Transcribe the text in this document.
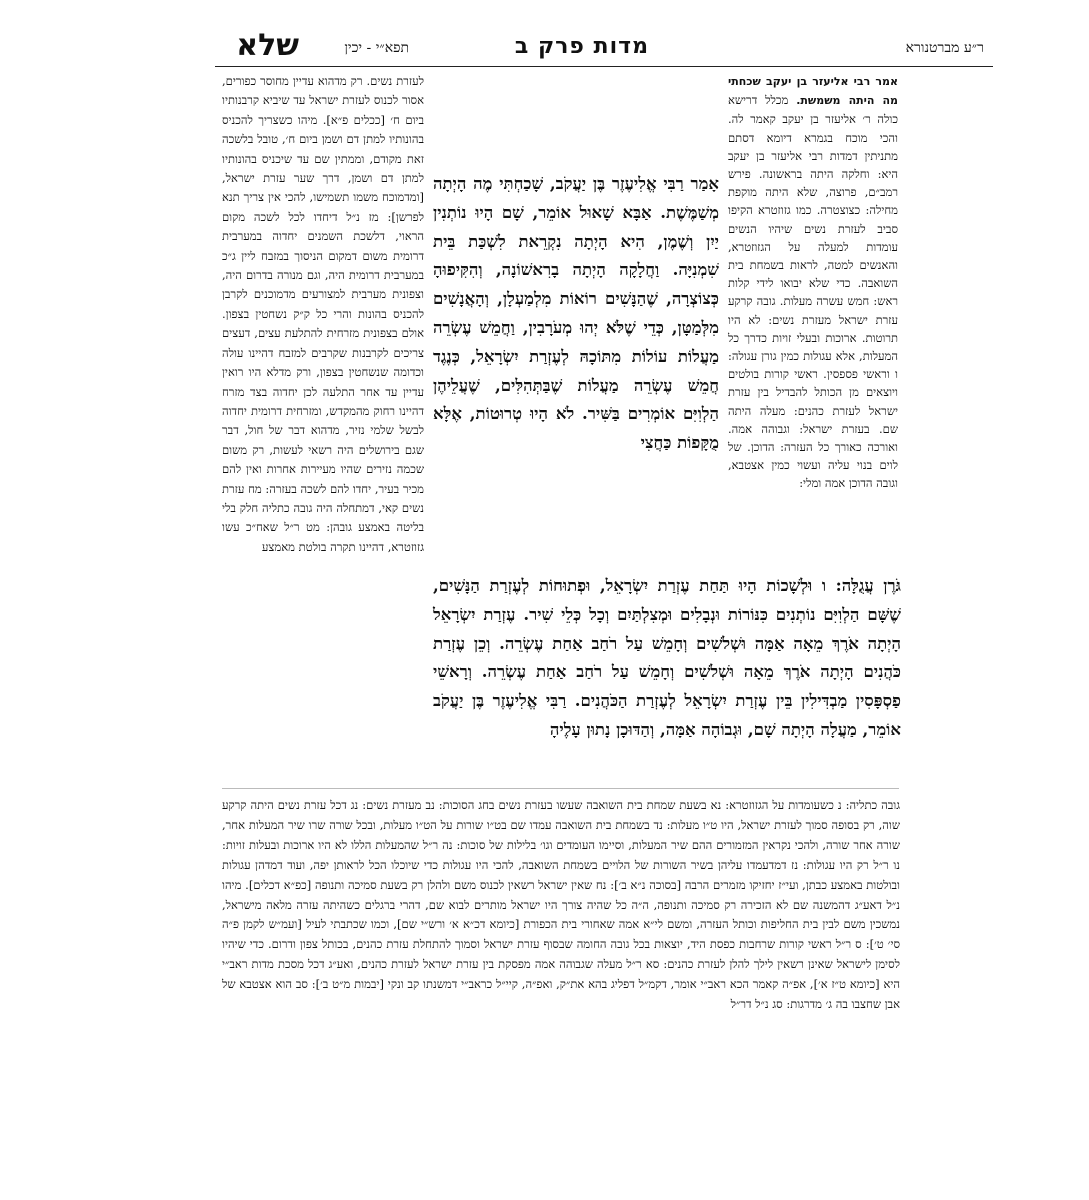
שלא	תפא״י - יכין	מדות פרק ב	ר״ע מברטנורא
אמר רבי אליעזר בן יעקב שכחתי מה היתה משמשת. מכלל דרישא כולה ר׳ אליעזר בן יעקב קאמר לה. והכי מוכח בגמרא דיומא דסתם מתניתין דמדות רבי אליעזר בן יעקב היא: וחלקה היתה בראשונה. פירש רמב״ם, פרוצה, שלא היתה מוקפת מחילה: כצוצטרה. כמו גזוזטרא הקיפו סביב לעזרת נשים שיהיו הנשים עומדות למעלה על הגזוזטרא, והאנשים למטה, לראות בשמחת בית השואבה. כדי שלא יבואו לידי קלות ראש: חמש עשרה מעלות. גובה קרקע עזרת ישראל מעזרת נשים: לא היו תרוטות. ארוכות ובעלי זויות כדרך כל המעלות, אלא עגולות כמין גורן עגולה: ו וראשי פספסין. ראשי קורות בולטים ויוצאים מן הכותל להבדיל בין עזרת ישראל לעזרת כהנים: מעלה היתה שם. בעזרת ישראל: וגבוהה אמה. ואורכה כאורך כל העזרה: הדוכן. של לוים בנוי עליה ועשוי כמין אצטבא, וגובה הדוכן אמה ומלי:
אָמַר רַבִּי אֱלִיעֶזֶר בֶּן יַעֲקֹב, שָׁכַחְתִּי מֶה הָיְתָה מְשַׁמֶּשֶׁת. אַבָּא שָׁאוּל אוֹמֵר, שָׁם הָיוּ נוֹתְנִין יַיִן וְשֶׁמֶן, הִיא הָיְתָה נִקְרֵאת לִשְׁכַּת בֵּית שִׁמְנִיָּה. וַחֲלָקָה הָיְתָה בָרִאשׁוֹנָה, וְהִקִּיפוּהָ כְּצוֹצְרָה, שֶׁהַנָּשִׁים רוֹאוֹת מִלְמַעְלָן, וְהָאֲנָשִׁים מִלְּמַטָּן, כְּדֵי שֶׁלֹּא יְהוּ מְעֹרָבִין, וַחֲמֵשׁ עֶשְׂרֵה מַעֲלוֹת עוֹלוֹת מִתּוֹכָהּ לְעֶזְרַת יִשְׂרָאֵל, כְּנֶגֶד חֲמֵשׁ עֶשְׂרֵה מַעֲלוֹת שֶׁבַּתְּהִלִּים, שֶׁעֲלֵיהֶן הַלְוִיִּם אוֹמְרִים בַּשִּׁיר. לֹא הָיוּ טְרוּטוֹת, אֶלָּא מֻקָּפוֹת כַּחֲצִי
לעזרת נשים. רק מדהוא עדיין מחוסר כפורים, אסור לכנוס לעזרת ישראל עד שיביא קרבנותיו ביום ח׳ [ככלים פ״א]. מיהו כשצריך להכניס בהונותיו למתן דם ושמן ביום ח׳, טובל בלשכה זאת מקודם, וממתין שם עד שיכניס בהונותיו למתן דם ושמן, דרך שער עזרת ישראל, [ומדמוכח משמו תשמישו, להכי אין צריך תנא לפרשן]: מז נ״ל דיחדו לכל לשכה מקום הראוי, דלשכת השמנים יחדוה במערבית דרומית משום דמקום הניסוך במזבח ליין ג״כ במערבית דרומית היה, וגם מנורה בדרום היה, וצפונית מערבית למצורעים מדמוכנים לקרבן להכניס בהונות והרי כל ק״ק נשחטין בצפון. אולם בצפונית מזרחית להתלעת עצים, דעצים צריכים לקרבנות שקרבים למזבח דהיינו עולה וכדומה שנשחטין בצפון, ורק מדלא היו רואין עדיין עד אחר התלעה לכן יחדוה בצד מזרח דהיינו רחוק מהמקדש, ומזרחית דרומית יחדוה לבשל שלמי נזיר, מדהוא דבר של חול, דבר שגם בירושלים היה רשאי לעשות, רק משום שכמה נזירים שהיו מעיירות אחרות ואין להם מכיר בעיר, יחדו להם לשכה בעזרה: מח עזרת נשים קאי, דמתחלה היה גובה כתליה חלק בלי בליטה באמצע גובהן: מט ר״ל שאח״כ עשו גזוזטרא, דהיינו תקרה בולטת מאמצע
גֹּרֶן עֲגֻלָּה: ו וּלְשָׁכוֹת הָיוּ תַּחַת עֶזְרַת יִשְׂרָאֵל, וּפְתוּחוֹת לְעֶזְרַת הַנָּשִׁים, שֶׁשָּׁם הַלְוִיִּם נוֹתְנִים כִּנּוֹרוֹת וּנְבָלִים וּמְצִלְתַּיִם וְכָל כְּלֵי שִׁיר. עֶזְרַת יִשְׂרָאֵל הָיְתָה אֹרֶךְ מֵאָה אַמָּה וּשְׁלֹשִׁים וְחָמֵשׁ עַל רֹחַב אַחַת עֶשְׂרֵה. וְכֵן עֶזְרַת כֹּהֲנִים הָיְתָה אֹרֶךְ מֵאָה וּשְׁלֹשִׁים וְחָמֵשׁ עַל רֹחַב אַחַת עֶשְׂרֵה. וְרָאשֵׁי פַסְפָּסִין מַבְדִּילִין בֵּין עֶזְרַת יִשְׂרָאֵל לְעֶזְרַת הַכֹּהֲנִים. רַבִּי אֱלִיעֶזֶר בֶּן יַעֲקֹב אוֹמֵר, מַעֲלָה הָיְתָה שָׁם, וּגְבוֹהָה אַמָּה, וְהַדּוּכָן נָתוּן עָלֶיהָ
גובה כתליה: נ כשעומדות על הגזוזטרא: נא בשעת שמחת בית השואבה שעשו בעזרת נשים בחג הסוכות: נב מעזרת נשים: נג דכל עזרת נשים היתה קרקע שוה, רק בסופה סמוך לעזרת ישראל, היו ט״ו מעלות: נד בשמחת בית השואבה עמדו שם בט״ו שורות על הט״ו מעלות, ובכל שורה שרו שיר המעלות אחר, שורה אחר שורה, ולהכי נקראין המזמורים ההם שיר המעלות, וסיימו העומדים וגו׳ בלילות של סוכות: נה ר״ל שהמעלות הללו לא היו ארוכות ובעלות זויות: נו ר״ל רק היו עגולות: נז דמדעמדו עליהן בשיר השורות של הלויים בשמחת השואבה, להכי היו עגולות כדי שיוכלו הכל לראותן יפה, ועוד דמדהן עגולות ובולטות באמצע כבתן, ועי״ז יחזיקו מזמרים הרבה [בסוכה נ״א ב׳]: נח שאין ישראל רשאין לכנוס משם ולהלן רק בשעת סמיכה ותנופה [כפ״א דכלים]. מיהו נ״ל דאע״ג דהמשנה שם לא הזכירה רק סמיכה ותנופה, ה״ה כל שהיה צורך היו ישראל מותרים לבוא שם, דהרי ברגלים כשהיתה עזרה מלאה מישראל, נמשכין משם לבין בית החליפות וכותל העזרה, ומשם לי״א אמה שאחורי בית הכפורת [כיומא דכ״א א׳ ורש״י שם], וכמו שכתבתי לעיל [ועמ״ש לקמן פ״ה סי׳ ט׳]: ס ר״ל ראשי קורות שרחבות כפסת היד, יוצאות בכל גובה החומה שבסוף עזרת ישראל וסמוך להתחלת עזרת כהנים, בכותל צפון ודרום. כדי שיהיו לסימן לישראל שאינן רשאין לילך להלן לעזרת כהנים: סא ר״ל מעלה שגבוהה אמה מפסקת בין עזרת ישראל לעזרת כהנים, ואע״ג דכל מסכת מדות ראב״י היא [כיומא ט״ז א׳], אפ״ה קאמר הכא ראב״י אומר, דקמ״ל דפליג בהא את״ק, ואפ״ה, קיי״ל כראב״י דמשנתו קב ונקי [יבמות מ״ט ב׳]: סב הוא אצטבא של אבן שחצבו בה ג׳ מדרגות: סג נ״ל דר״ל
